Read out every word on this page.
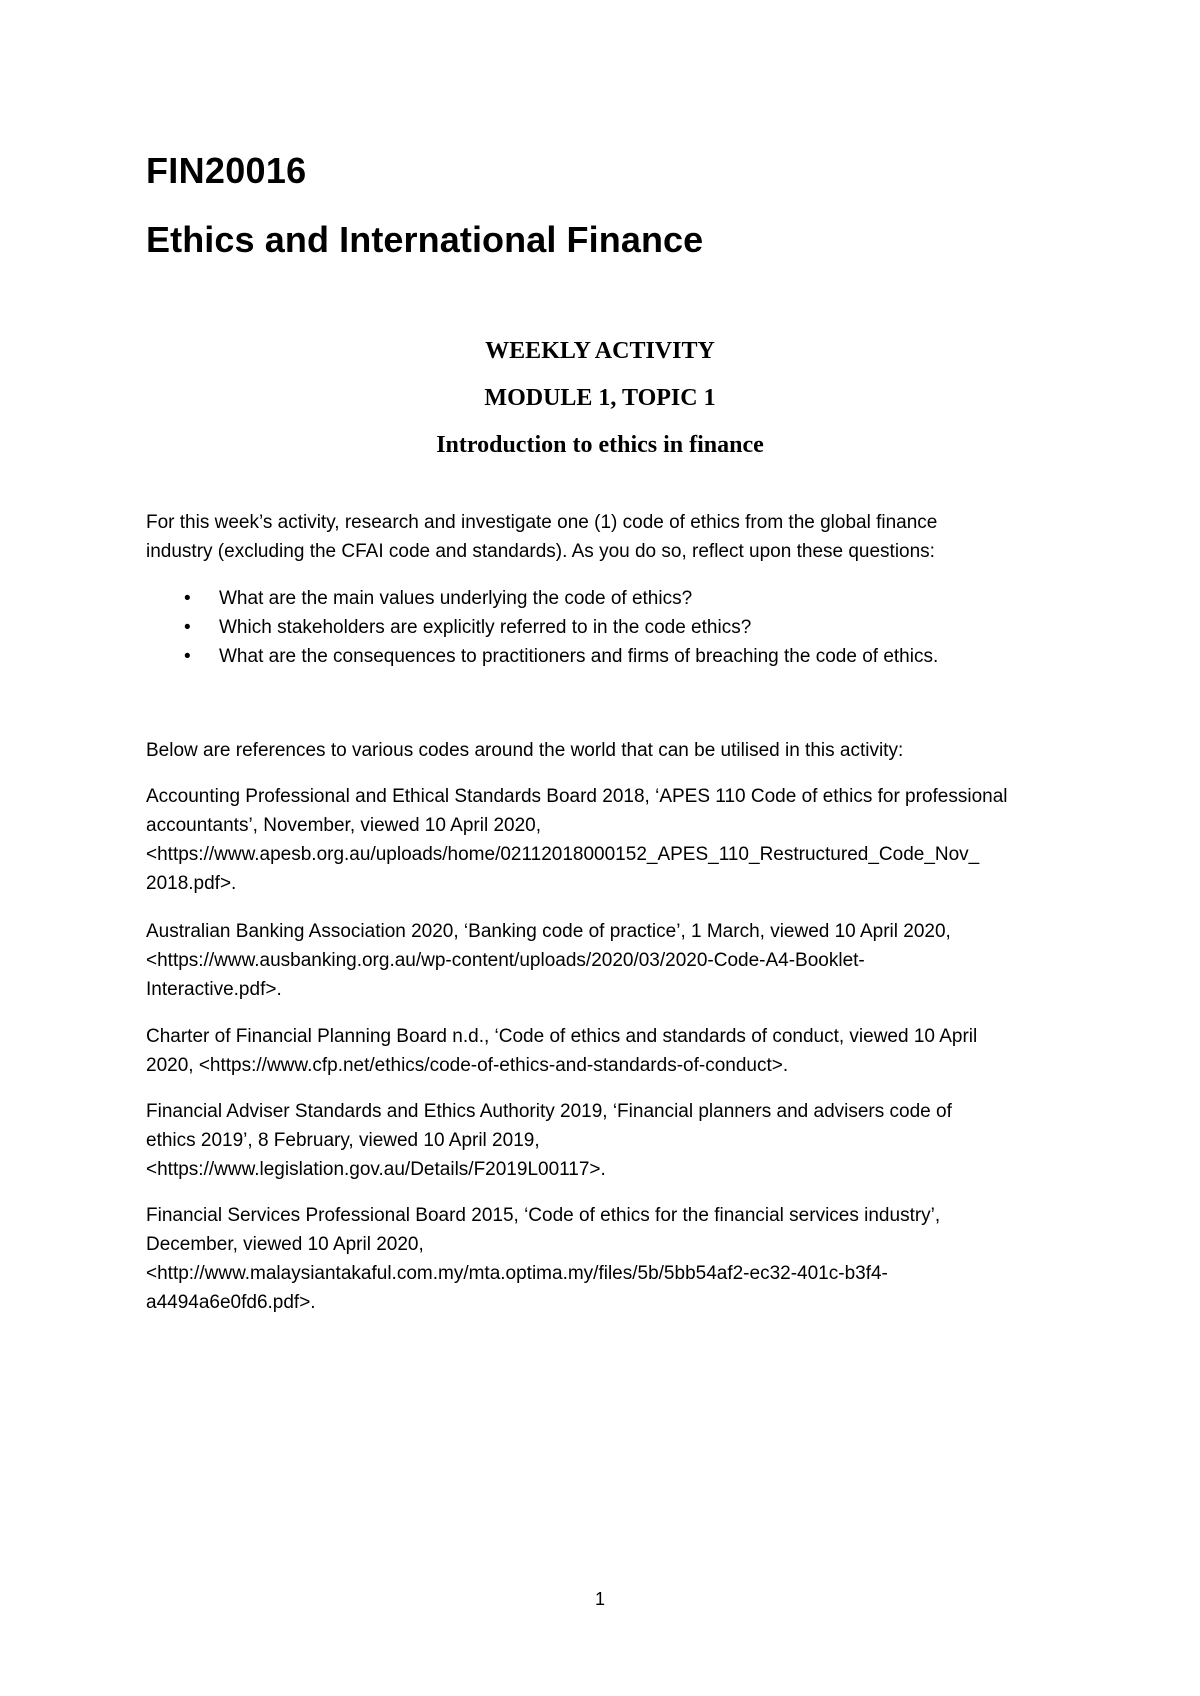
FIN20016
Ethics and International Finance
WEEKLY ACTIVITY
MODULE 1, TOPIC 1
Introduction to ethics in finance
For this week’s activity, research and investigate one (1) code of ethics from the global finance
industry (excluding the CFAI code and standards). As you do so, reflect upon these questions:
• What are the main values underlying the code of ethics?
• Which stakeholders are explicitly referred to in the code ethics?
• What are the consequences to practitioners and firms of breaching the code of ethics.
Below are references to various codes around the world that can be utilised in this activity:
Accounting Professional and Ethical Standards Board 2018, ‘APES 110 Code of ethics for professional
accountants’, November, viewed 10 April 2020,
<https://www.apesb.org.au/uploads/home/02112018000152_APES_110_Restructured_Code_Nov_
2018.pdf>.
Australian Banking Association 2020, ‘Banking code of practice’, 1 March, viewed 10 April 2020,
<https://www.ausbanking.org.au/wp-content/uploads/2020/03/2020-Code-A4-Booklet-
Interactive.pdf>.
Charter of Financial Planning Board n.d., ‘Code of ethics and standards of conduct, viewed 10 April
2020, <https://www.cfp.net/ethics/code-of-ethics-and-standards-of-conduct>.
Financial Adviser Standards and Ethics Authority 2019, ‘Financial planners and advisers code of
ethics 2019’, 8 February, viewed 10 April 2019,
<https://www.legislation.gov.au/Details/F2019L00117>.
Financial Services Professional Board 2015, ‘Code of ethics for the financial services industry’,
December, viewed 10 April 2020,
<http://www.malaysiantakaful.com.my/mta.optima.my/files/5b/5bb54af2-ec32-401c-b3f4-
a4494a6e0fd6.pdf>.
1
